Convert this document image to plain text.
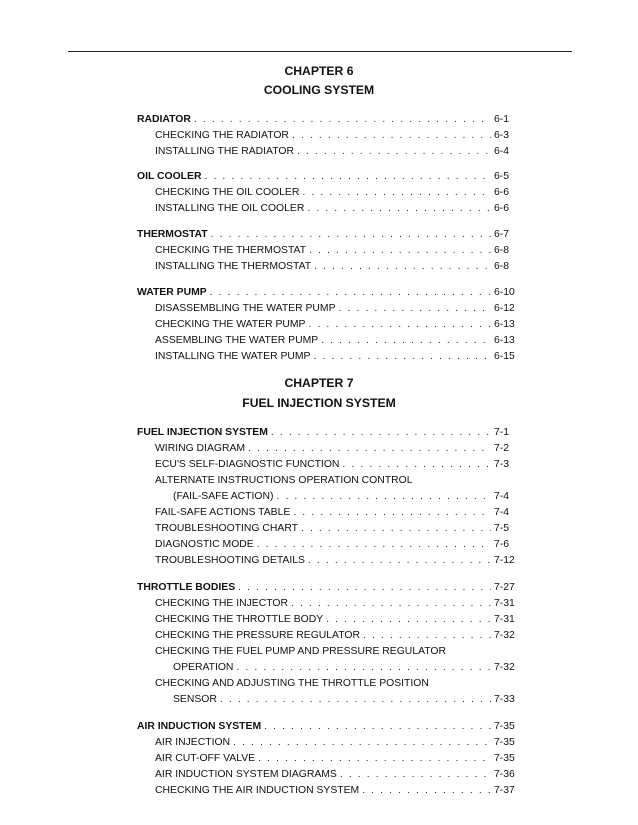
CHAPTER 6
COOLING SYSTEM
RADIATOR . . .	6-1
CHECKING THE RADIATOR . . .	6-3
INSTALLING THE RADIATOR . . .	6-4
OIL COOLER . . .	6-5
CHECKING THE OIL COOLER . . .	6-6
INSTALLING THE OIL COOLER . . .	6-6
THERMOSTAT . . .	6-7
CHECKING THE THERMOSTAT . . .	6-8
INSTALLING THE THERMOSTAT . . .	6-8
WATER PUMP . . .	6-10
DISASSEMBLING THE WATER PUMP . . .	6-12
CHECKING THE WATER PUMP . . .	6-13
ASSEMBLING THE WATER PUMP . . .	6-13
INSTALLING THE WATER PUMP . . .	6-15
CHAPTER 7
FUEL INJECTION SYSTEM
FUEL INJECTION SYSTEM . . .	7-1
WIRING DIAGRAM . . .	7-2
ECU'S SELF-DIAGNOSTIC FUNCTION . . .	7-3
ALTERNATE INSTRUCTIONS OPERATION CONTROL
(FAIL-SAFE ACTION) . . .	7-4
FAIL-SAFE ACTIONS TABLE . . .	7-4
TROUBLESHOOTING CHART . . .	7-5
DIAGNOSTIC MODE . . .	7-6
TROUBLESHOOTING DETAILS . . .	7-12
THROTTLE BODIES . . .	7-27
CHECKING THE INJECTOR . . .	7-31
CHECKING THE THROTTLE BODY . . .	7-31
CHECKING THE PRESSURE REGULATOR . . .	7-32
CHECKING THE FUEL PUMP AND PRESSURE REGULATOR
OPERATION . . .	7-32
CHECKING AND ADJUSTING THE THROTTLE POSITION
SENSOR . . .	7-33
AIR INDUCTION SYSTEM . . .	7-35
AIR INJECTION . . .	7-35
AIR CUT-OFF VALVE . . .	7-35
AIR INDUCTION SYSTEM DIAGRAMS . . .	7-36
CHECKING THE AIR INDUCTION SYSTEM . . .	7-37
